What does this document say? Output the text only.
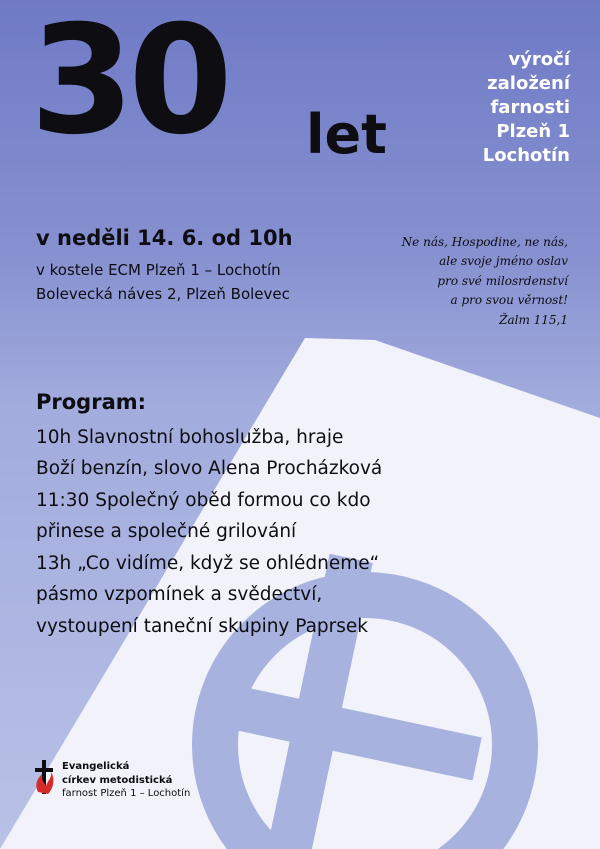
30 let
výročí
založení
farnosti
Plzeň 1
Lochotín
v neděli 14. 6. od 10h
v kostele ECM Plzeň 1 – Lochotín
Bolevecká náves 2, Plzeň Bolevec
Ne nás, Hospodine, ne nás,
ale svoje jméno oslav
pro své milosrdenství
a pro svou věrnost!
Žalm 115,1
Program:
10h Slavnostní bohoslužba, hraje
Boží benzín, slovo Alena Procházková
11:30 Společný oběd formou co kdo
přinese a společné grilování
13h „Co vidíme, když se ohlédneme“
pásmo vzpomínek a svědectví,
vystoupení taneční skupiny Paprsek
Evangelická
církev metodistická
farnost Plzeň 1 – Lochotín
